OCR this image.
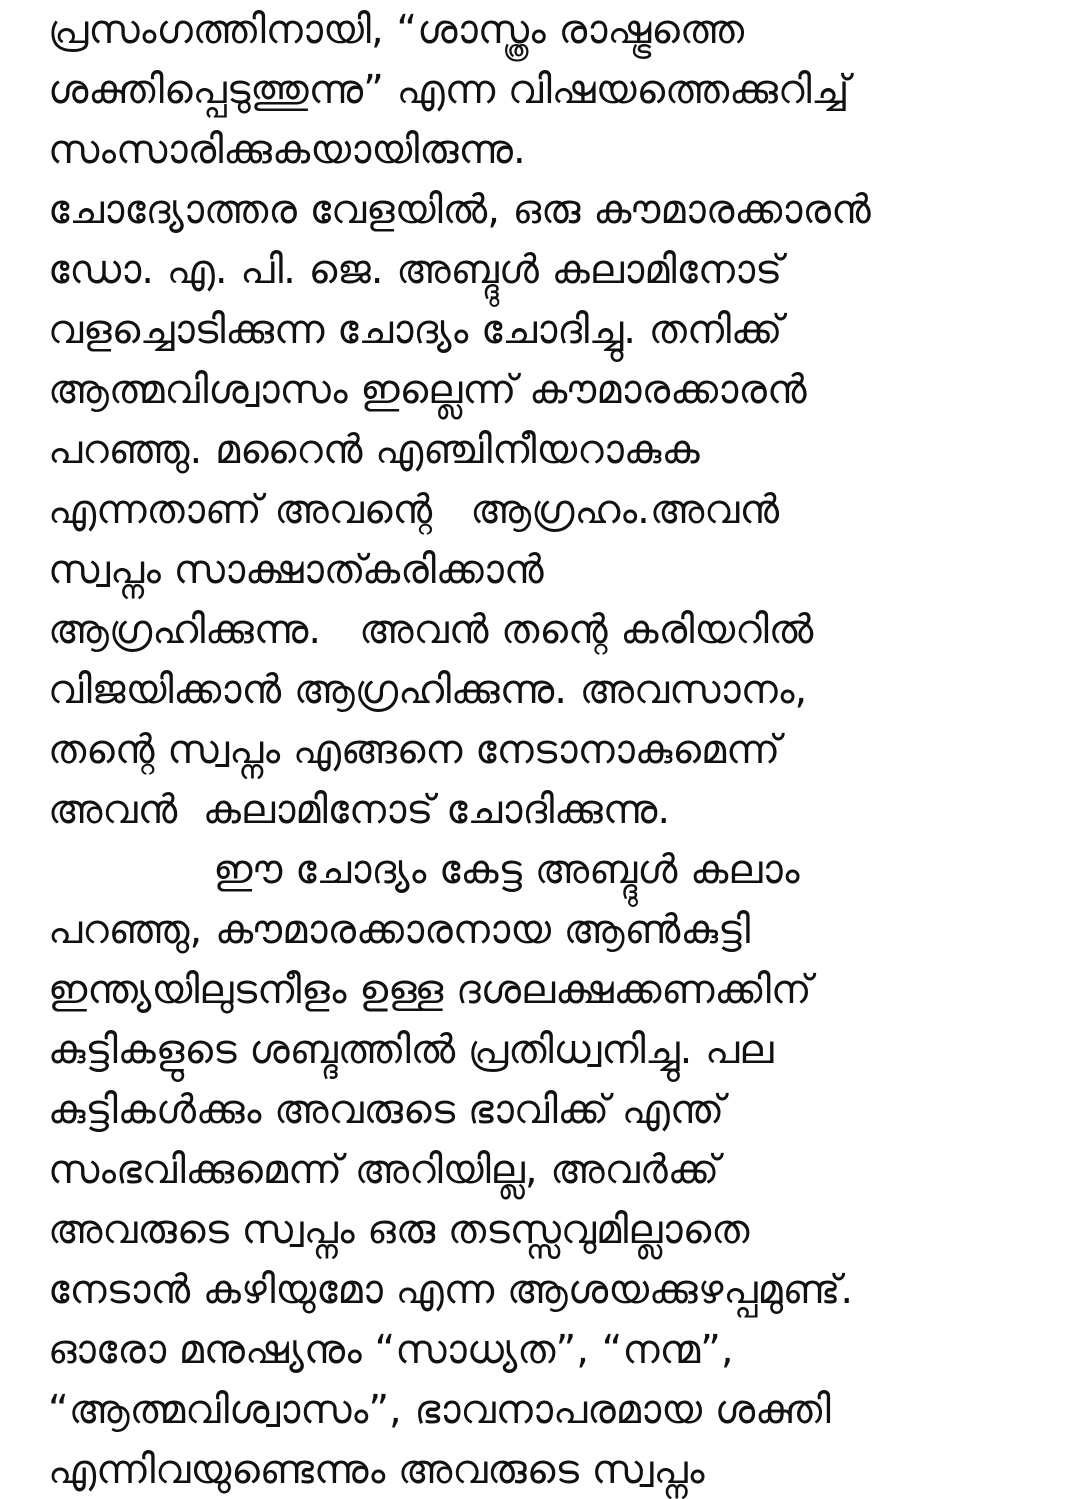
പ്രസംഗത്തിനായി, “ശാസ്ത്രം രാഷ്ട്രത്തെ
ശക്തിപ്പെടുത്തുന്നു” എന്ന വിഷയത്തെക്കുറിച്ച്
സംസാരിക്കുകയായിരുന്നു.
ചോദ്യോത്തര വേളയിൽ, ഒരു കൗമാരക്കാരൻ
ഡോ. എ. പി. ജെ. അബ്ദുൾ കലാമിനോട്
വളച്ചൊടിക്കുന്ന ചോദ്യം ചോദിച്ചു. തനിക്ക്
ആത്മവിശ്വാസം ഇല്ലെന്ന് കൗമാരക്കാരൻ
പറഞ്ഞു. മറൈൻ എഞ്ചിനീയറാകുക
എന്നതാണ് അവന്റെ   ആഗ്രഹം.അവൻ
സ്വപ്നം സാക്ഷാത്കരിക്കാൻ
ആഗ്രഹിക്കുന്നു.   അവൻ തന്റെ കരിയറിൽ
വിജയിക്കാൻ ആഗ്രഹിക്കുന്നു. അവസാനം,
തന്റെ സ്വപ്നം എങ്ങനെ നേടാനാകുമെന്ന്
അവൻ  കലാമിനോട് ചോദിക്കുന്നു.
ഈ ചോദ്യം കേട്ട അബ്ദുൾ കലാം
പറഞ്ഞു, കൗമാരക്കാരനായ ആൺകുട്ടി
ഇന്ത്യയിലുടനീളം ഉള്ള ദശലക്ഷക്കണക്കിന്
കുട്ടികളുടെ ശബ്ദത്തിൽ പ്രതിധ്വനിച്ചു. പല
കുട്ടികൾക്കും അവരുടെ ഭാവിക്ക് എന്ത്
സംഭവിക്കുമെന്ന് അറിയില്ല, അവർക്ക്
അവരുടെ സ്വപ്നം ഒരു തടസ്സവുമില്ലാതെ
നേടാൻ കഴിയുമോ എന്ന ആശയക്കുഴപ്പമുണ്ട്.
ഓരോ മനുഷ്യനും “സാധ്യത”, “നന്മ”,
“ആത്മവിശ്വാസം”, ഭാവനാപരമായ ശക്തി
എന്നിവയുണ്ടെന്നും അവരുടെ സ്വപ്നം
